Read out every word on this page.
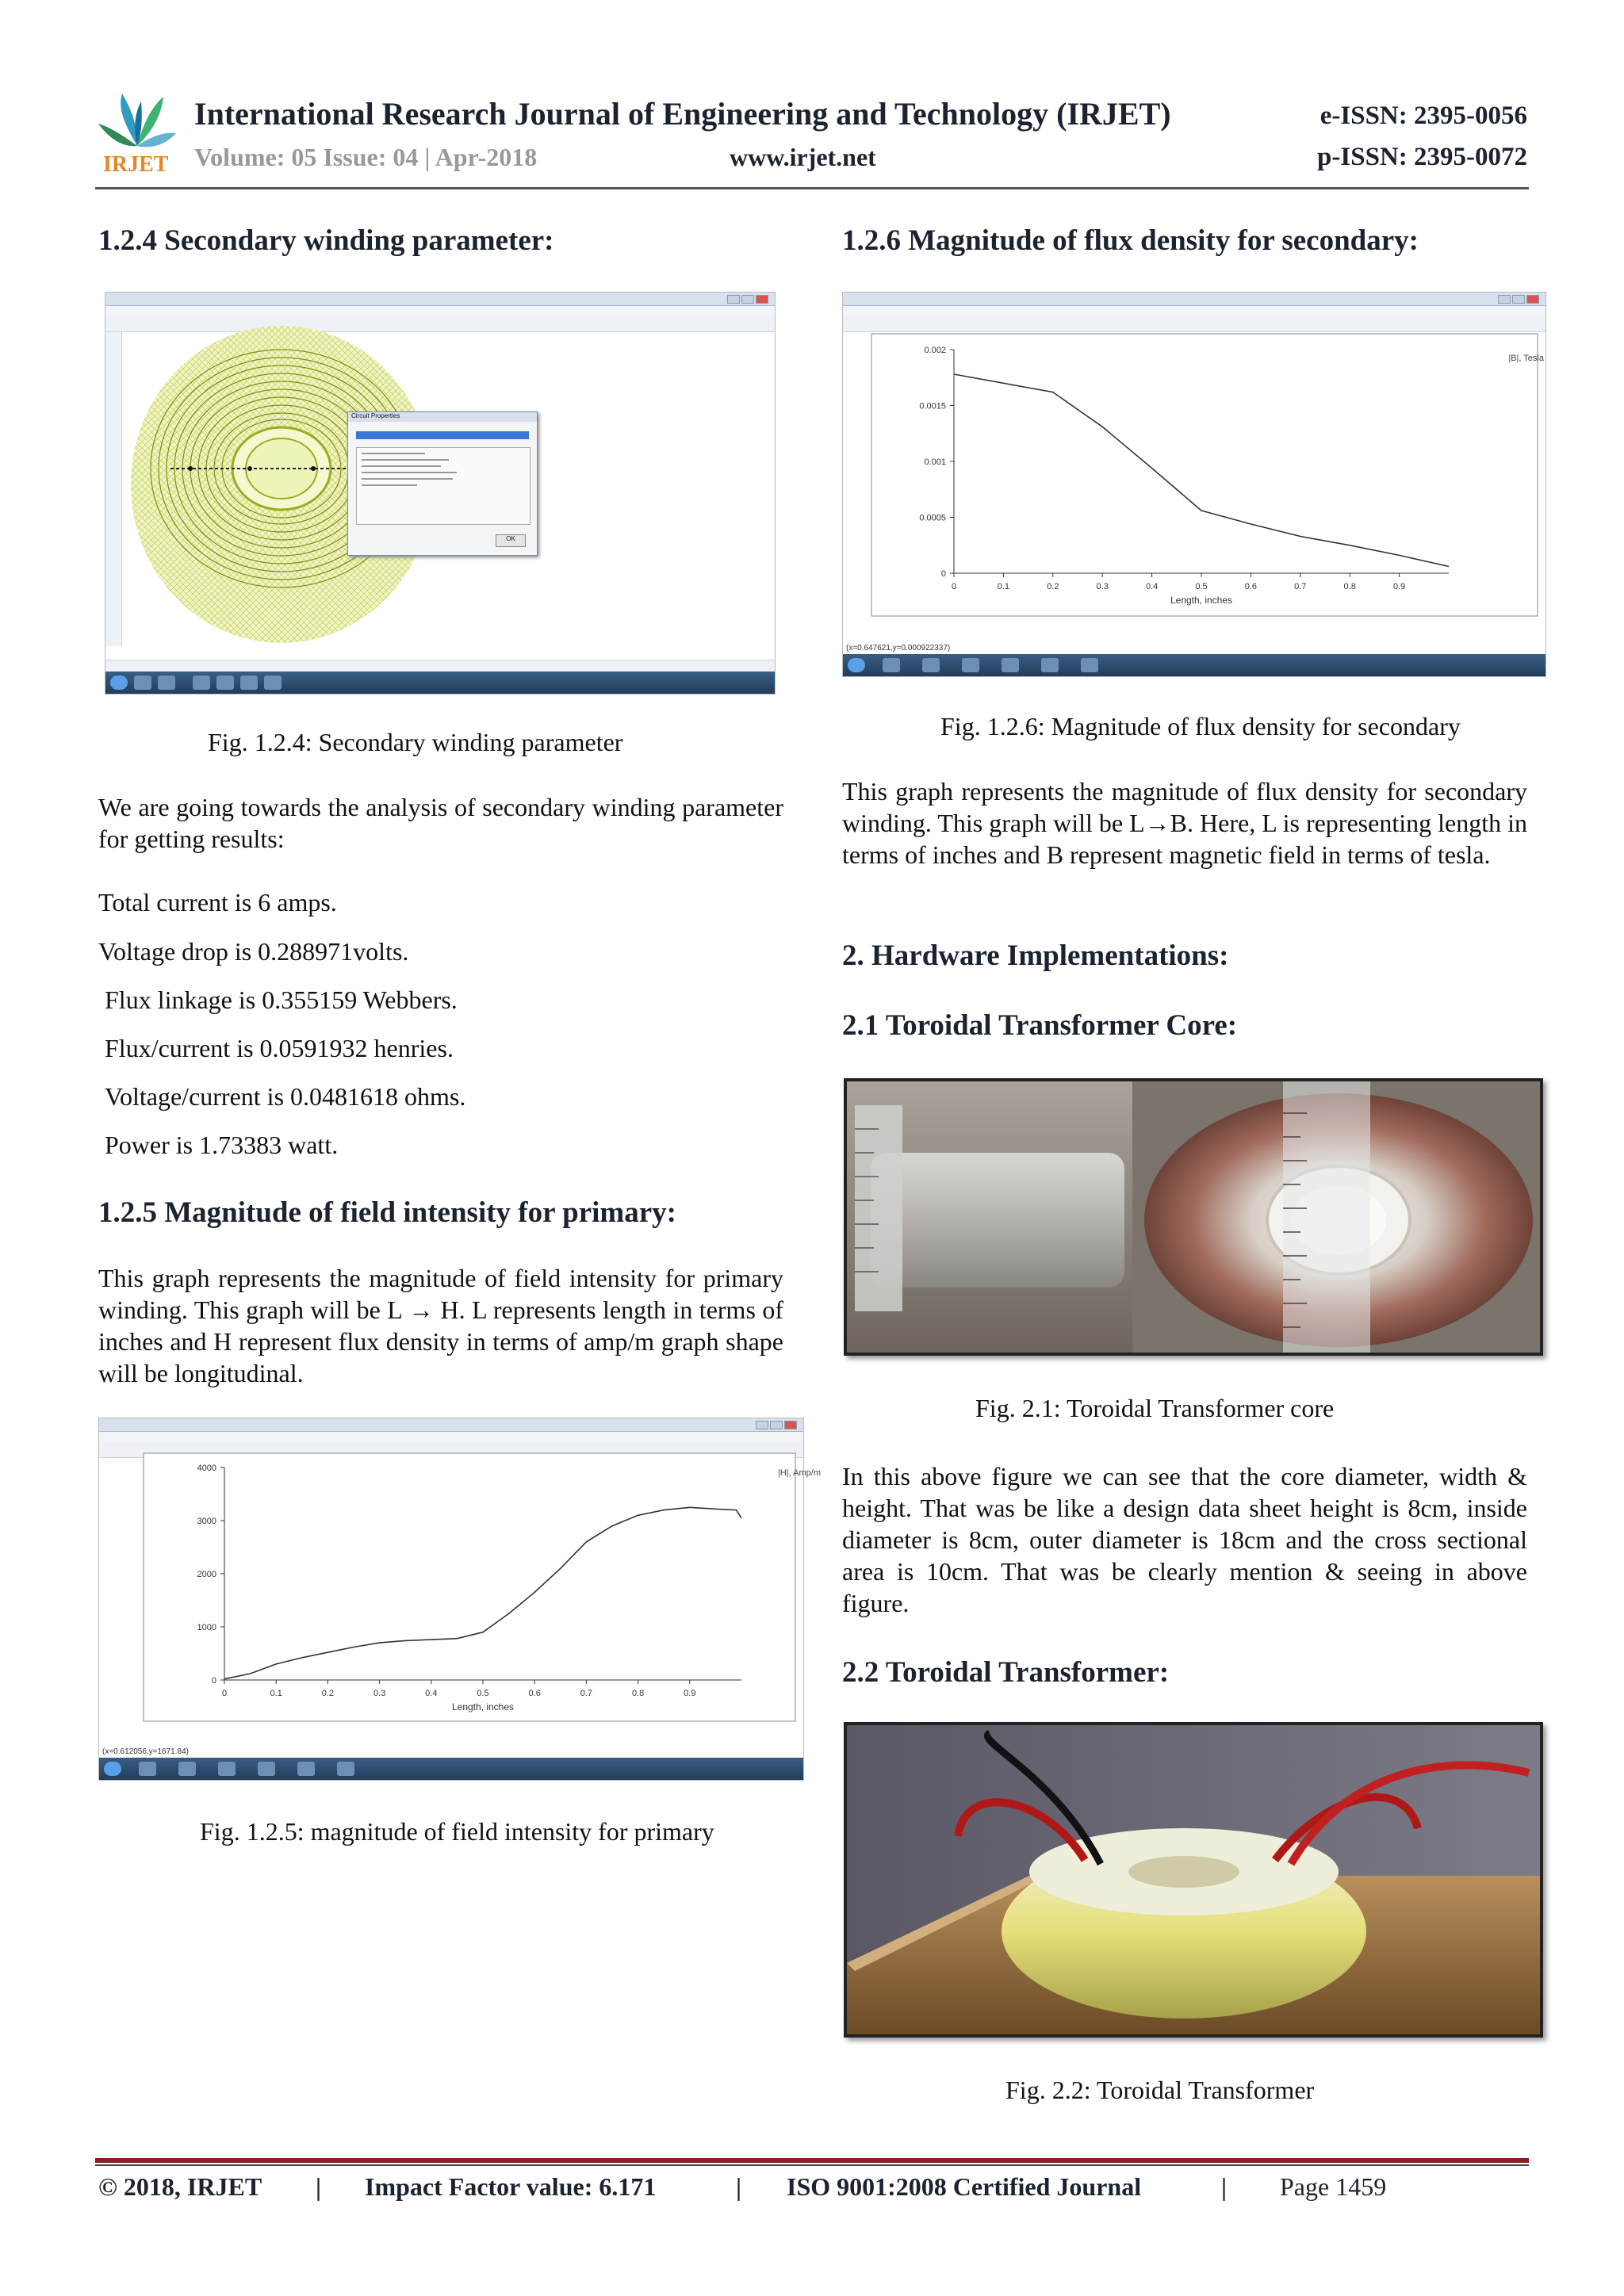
IRJET
International Research Journal of Engineering and Technology (IRJET)
Volume: 05 Issue: 04 | Apr-2018	www.irjet.net
e-ISSN: 2395-0056
p-ISSN: 2395-0072
1.2.4 Secondary winding parameter:
Circuit Properties
OK
Fig. 1.2.4: Secondary winding parameter
We are going towards the analysis of secondary winding parameter for getting results:
Total current is 6 amps.
Voltage drop is 0.288971volts.
Flux linkage is 0.355159 Webbers.
Flux/current is 0.0591932 henries.
Voltage/current is 0.0481618 ohms.
Power is 1.73383 watt.
1.2.5 Magnitude of field intensity for primary:
This graph represents the magnitude of field intensity for primary winding. This graph will be L → H. L represents length in terms of inches and H represent flux density in terms of amp/m graph shape will be longitudinal.
0	0.1	0.2	0.3	0.4	0.5	0.6	0.7	0.8	0.9
0
1000
2000
3000
4000
Length, inches
|H|, Amp/m
(x=0.612056,y=1671.84)
Fig. 1.2.5: magnitude of field intensity for primary
1.2.6 Magnitude of flux density for secondary:
0	0.1	0.2	0.3	0.4	0.5	0.6	0.7	0.8	0.9
0
0.0005
0.001
0.0015
0.002
Length, inches
|B|, Tesla
(x=0.647621,y=0.000922337)
Fig. 1.2.6: Magnitude of flux density for secondary
This graph represents the magnitude of flux density for secondary winding. This graph will be L→B. Here, L is representing length in terms of inches and B represent magnetic field in terms of tesla.
2. Hardware Implementations:
2.1 Toroidal Transformer Core:
Fig. 2.1: Toroidal Transformer core
In this above figure we can see that the core diameter, width & height. That was be like a design data sheet height is 8cm, inside diameter is 8cm, outer diameter is 18cm and the cross sectional area is 10cm. That was be clearly mention & seeing in above figure.
2.2 Toroidal Transformer:
Fig. 2.2: Toroidal Transformer
© 2018, IRJET | Impact Factor value: 6.171	| ISO 9001:2008 Certified Journal	| Page 1459
